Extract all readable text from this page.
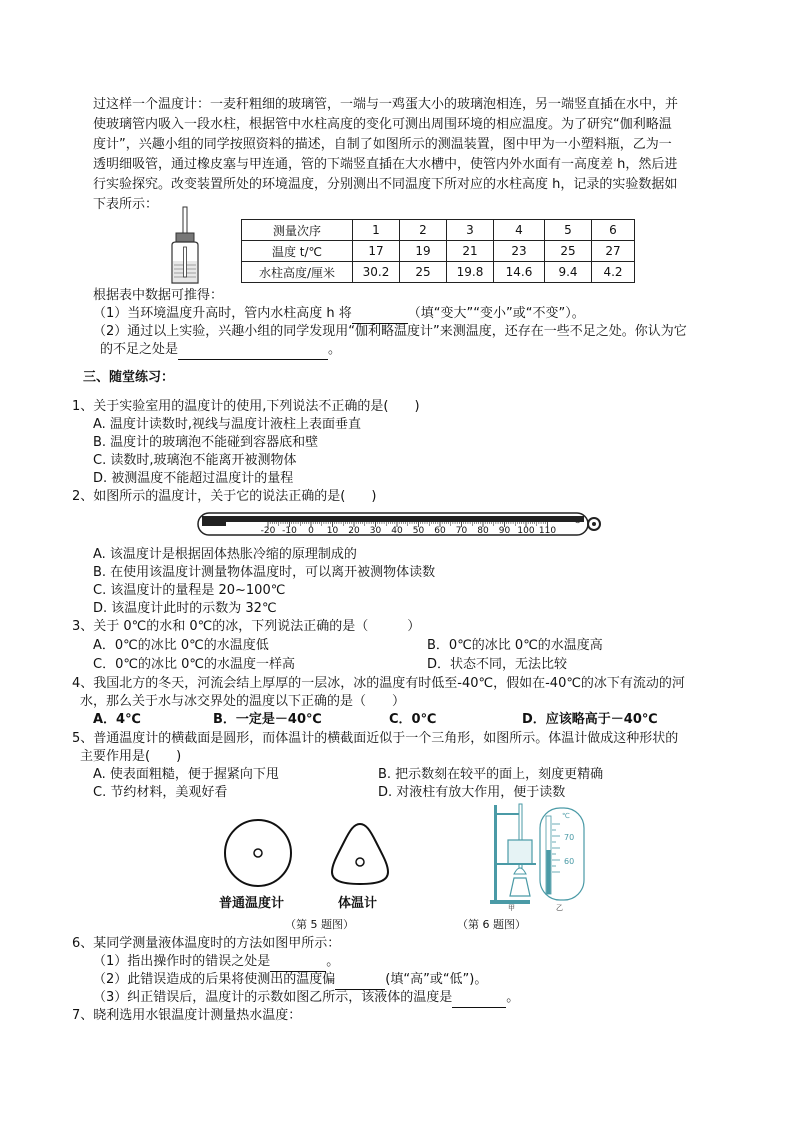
过这样一个温度计：一麦秆粗细的玻璃管，一端与一鸡蛋大小的玻璃泡相连，另一端竖直插在水中，并
使玻璃管内吸入一段水柱，根据管中水柱高度的变化可测出周围环境的相应温度。为了研究“伽利略温
度计”，兴趣小组的同学按照资料的描述，自制了如图所示的测温装置，图中甲为一小塑料瓶，乙为一
透明细吸管，通过橡皮塞与甲连通，管的下端竖直插在大水槽中，使管内外水面有一高度差 h，然后进
行实验探究。改变装置所处的环境温度，分别测出不同温度下所对应的水柱高度 h，记录的实验数据如
下表所示：
测量次序	1	2	3	4	5	6
温度 t/℃	17	19	21	23	25	27
水柱高度/厘米	30.2	25	19.8	14.6	9.4	4.2
根据表中数据可推得：
（1）当环境温度升高时，管内水柱高度 h 将	（填“变大”“变小”或“不变”）。
（2）通过以上实验，兴趣小组的同学发现用“伽利略温度计”来测温度，还存在一些不足之处。你认为它
的不足之处是	。
三、随堂练习：
1、关于实验室用的温度计的使用,下列说法不正确的是(　　)
A. 温度计读数时,视线与温度计液柱上表面垂直
B. 温度计的玻璃泡不能碰到容器底和壁
C. 读数时,玻璃泡不能离开被测物体
D. 被测温度不能超过温度计的量程
2、如图所示的温度计，关于它的说法正确的是(　　)
-20 -10 0 10 20 30 40 50 60 70 80 90 100 110
℃
A. 该温度计是根据固体热胀冷缩的原理制成的
B. 在使用该温度计测量物体温度时，可以离开被测物体读数
C. 该温度计的量程是 20~100℃
D. 该温度计此时的示数为 32℃
3、关于 0℃的水和 0℃的冰，下列说法正确的是（　　　）
A．0℃的冰比 0℃的水温度低	B．0℃的冰比 0℃的水温度高
C．0℃的冰比 0℃的水温度一样高	D．状态不同，无法比较
4、我国北方的冬天，河流会结上厚厚的一层冰，冰的温度有时低至-40℃，假如在-40℃的冰下有流动的河
水，那么关于水与冰交界处的温度以下正确的是（　　）
A．4℃	B．一定是－40℃	C．0℃	D．应该略高于－40℃
5、普通温度计的横截面是圆形，而体温计的横截面近似于一个三角形，如图所示。体温计做成这种形状的
主要作用是(　　)
A. 使表面粗糙，便于握紧向下甩	B. 把示数刻在较平的面上，刻度更精确
C. 节约材料，美观好看	D. 对液柱有放大作用，便于读数
普通温度计	体温计
（第 5 题图）
℃
70
60
甲	乙
（第 6 题图）
6、某同学测量液体温度时的方法如图甲所示：
（1）指出操作时的错误之处是	。
（2）此错误造成的后果将使测出的温度偏	(填“高”或“低”)。
（3）纠正错误后，温度计的示数如图乙所示，该液体的温度是	。
7、晓利选用水银温度计测量热水温度：
